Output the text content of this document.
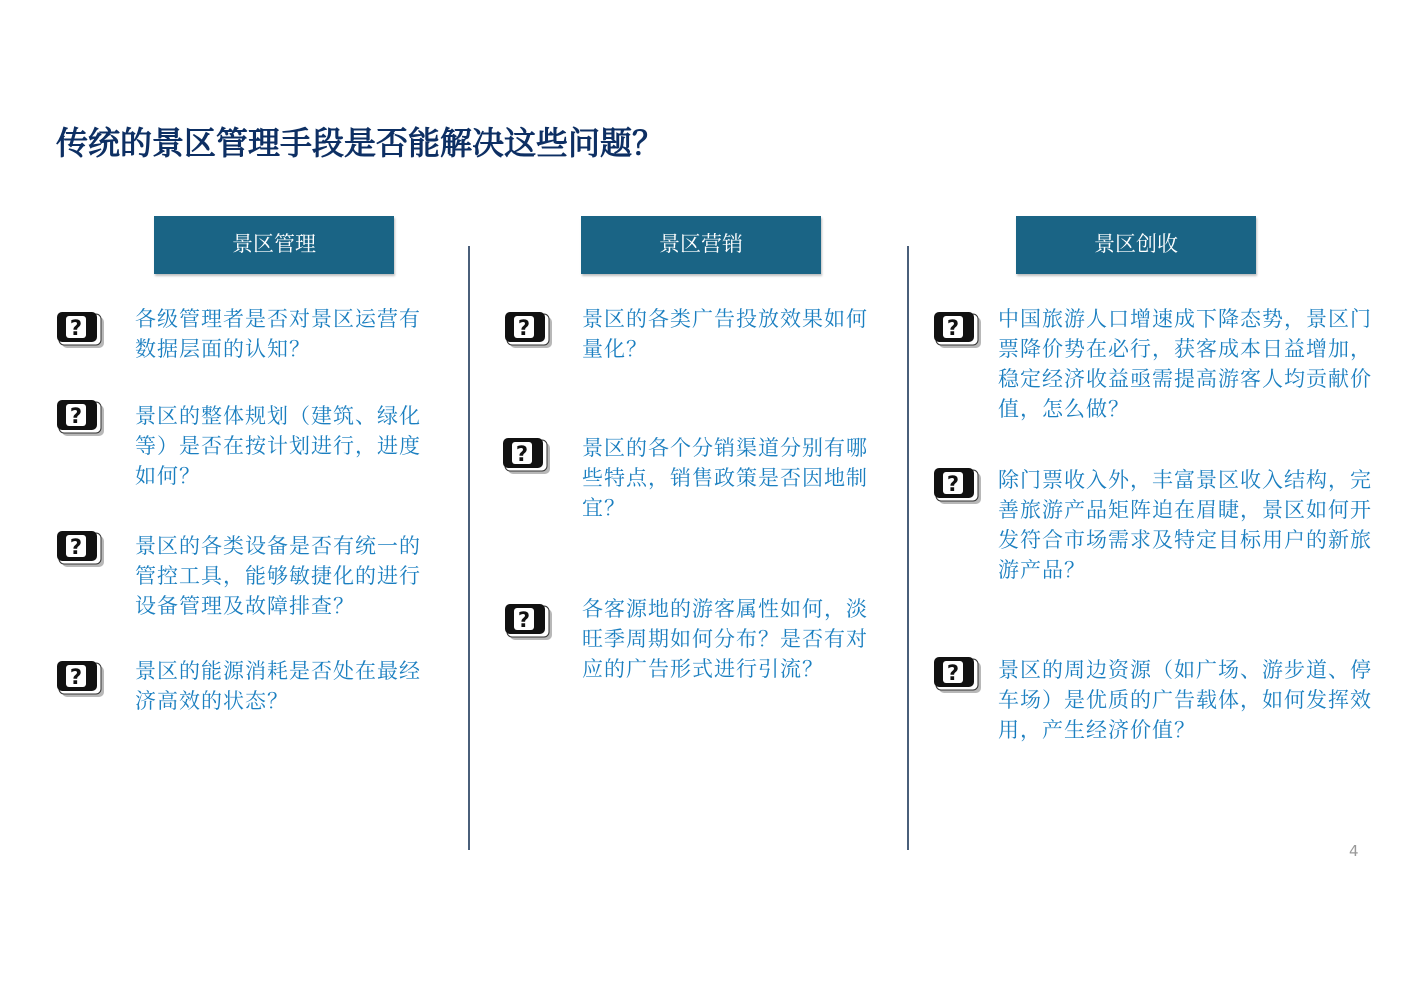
传统的景区管理手段是否能解决这些问题？
景区管理	景区营销	景区创收
各级管理者是否对景区运营有数据层面的认知？
景区的整体规划（建筑、绿化等）是否在按计划进行，进度如何？
景区的各类设备是否有统一的管控工具，能够敏捷化的进行设备管理及故障排查？
景区的能源消耗是否处在最经济高效的状态？
景区的各类广告投放效果如何量化？
景区的各个分销渠道分别有哪些特点，销售政策是否因地制宜？
各客源地的游客属性如何，淡旺季周期如何分布？是否有对应的广告形式进行引流？
中国旅游人口增速成下降态势，景区门票降价势在必行，获客成本日益增加，稳定经济收益亟需提高游客人均贡献价值，怎么做？
除门票收入外，丰富景区收入结构，完善旅游产品矩阵迫在眉睫，景区如何开发符合市场需求及特定目标用户的新旅游产品？
景区的周边资源（如广场、游步道、停车场）是优质的广告载体，如何发挥效用，产生经济价值？
4
